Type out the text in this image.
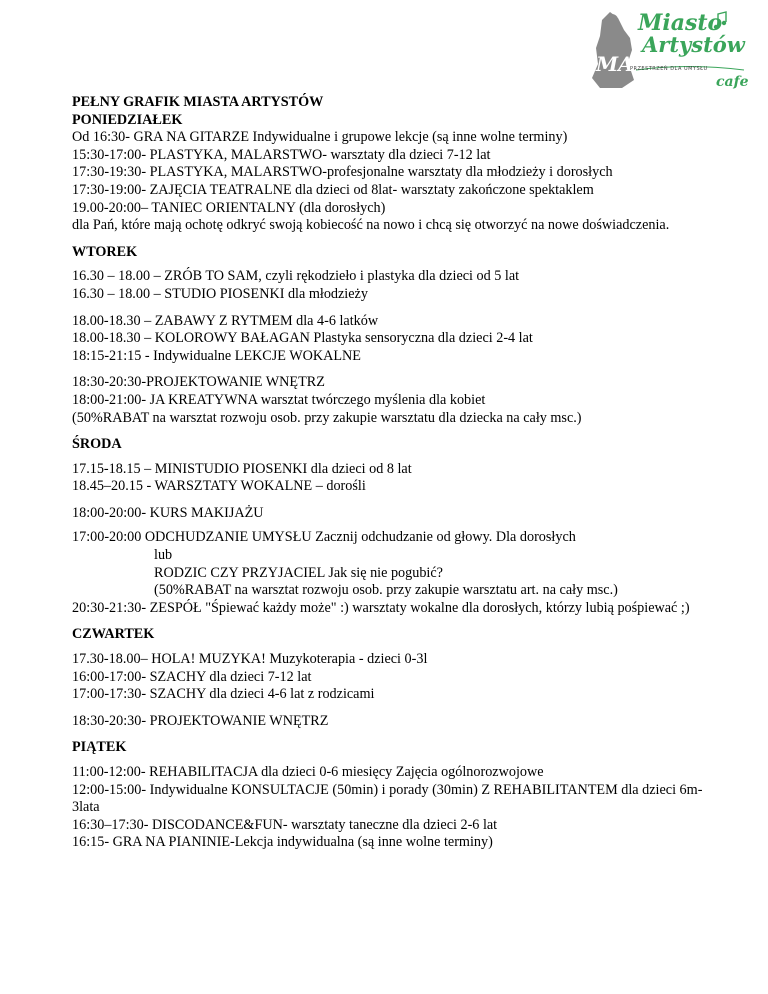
MA
Miasto
Artystów
PRZESTRZEŃ DLA UMYSŁU
cafe
PEŁNY GRAFIK MIASTA ARTYSTÓW
PONIEDZIAŁEK
Od 16:30- GRA NA GITARZE Indywidualne i grupowe lekcje (są inne wolne terminy)
15:30-17:00- PLASTYKA, MALARSTWO- warsztaty dla dzieci 7-12 lat
17:30-19:30- PLASTYKA, MALARSTWO-profesjonalne warsztaty dla młodzieży i dorosłych
17:30-19:00- ZAJĘCIA TEATRALNE dla dzieci od 8lat- warsztaty zakończone spektaklem
19.00-20:00– TANIEC ORIENTALNY (dla dorosłych)
dla Pań, które mają ochotę odkryć swoją kobiecość na nowo i chcą się otworzyć na nowe doświadczenia.
WTOREK
16.30 – 18.00 – ZRÓB TO SAM, czyli rękodzieło i plastyka dla dzieci od 5 lat
16.30 – 18.00 – STUDIO PIOSENKI dla młodzieży
18.00-18.30 – ZABAWY Z RYTMEM dla 4-6 latków
18.00-18.30 – KOLOROWY BAŁAGAN Plastyka sensoryczna dla dzieci 2-4 lat
18:15-21:15 - Indywidualne LEKCJE WOKALNE
18:30-20:30-PROJEKTOWANIE WNĘTRZ
18:00-21:00- JA KREATYWNA warsztat twórczego myślenia dla kobiet
(50%RABAT na warsztat rozwoju osob. przy zakupie warsztatu dla dziecka na cały msc.)
ŚRODA
17.15-18.15 – MINISTUDIO PIOSENKI dla dzieci od 8 lat
18.45–20.15 - WARSZTATY WOKALNE – dorośli
18:00-20:00- KURS MAKIJAŻU
17:00-20:00 ODCHUDZANIE UMYSŁU Zacznij odchudzanie od głowy. Dla dorosłych
lub
RODZIC CZY PRZYJACIEL Jak się nie pogubić?
(50%RABAT na warsztat rozwoju osob. przy zakupie warsztatu art. na cały msc.)
20:30-21:30- ZESPÓŁ "Śpiewać każdy może" :) warsztaty wokalne dla dorosłych, którzy lubią pośpiewać ;)
CZWARTEK
17.30-18.00– HOLA! MUZYKA! Muzykoterapia - dzieci 0-3l
16:00-17:00- SZACHY dla dzieci 7-12 lat
17:00-17:30- SZACHY dla dzieci 4-6 lat z rodzicami
18:30-20:30- PROJEKTOWANIE WNĘTRZ
PIĄTEK
11:00-12:00- REHABILITACJA dla dzieci 0-6 miesięcy Zajęcia ogólnorozwojowe
12:00-15:00- Indywidualne KONSULTACJE (50min) i porady (30min) Z REHABILITANTEM dla dzieci 6m-3lata
16:30–17:30- DISCODANCE&FUN- warsztaty taneczne dla dzieci 2-6 lat
16:15- GRA NA PIANINIE-Lekcja indywidualna (są inne wolne terminy)
